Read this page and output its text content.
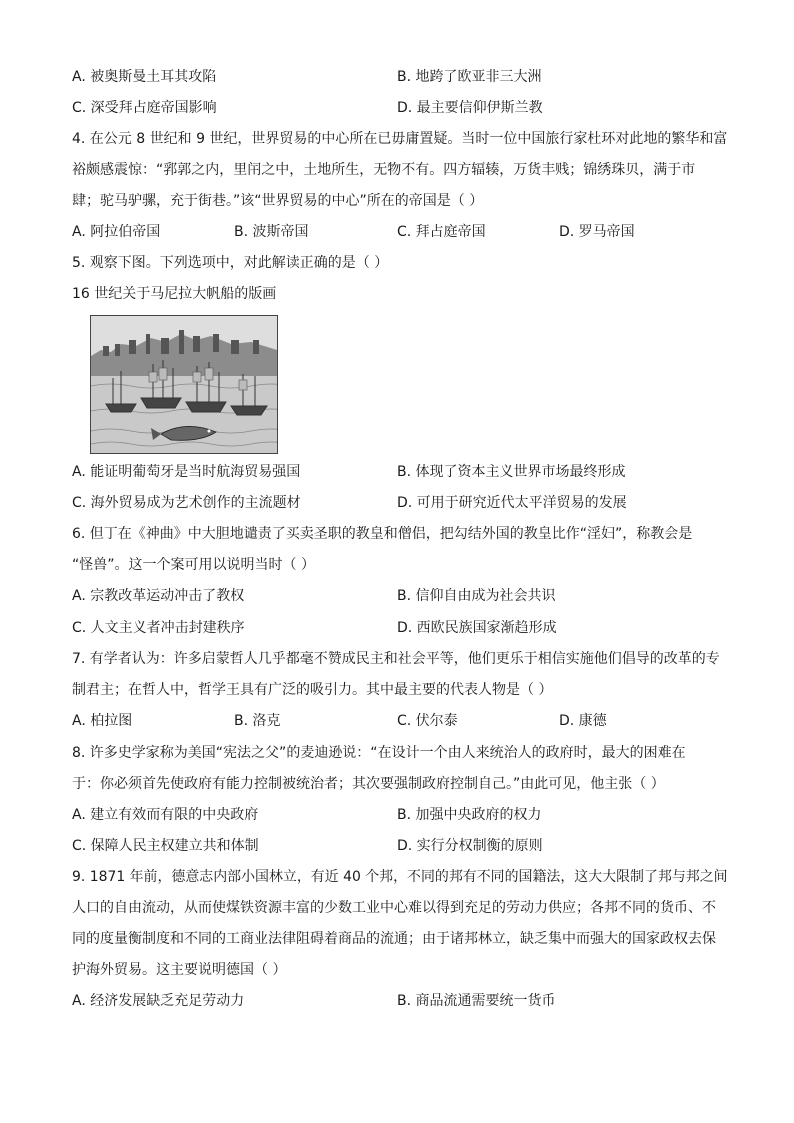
A. 被奥斯曼土耳其攻陷	B. 地跨了欧亚非三大洲
C. 深受拜占庭帝国影响	D. 最主要信仰伊斯兰教
4. 在公元 8 世纪和 9 世纪，世界贸易的中心所在已毋庸置疑。当时一位中国旅行家杜环对此地的繁华和富
裕颇感震惊：“郛郭之内，里闬之中，土地所生，无物不有。四方辐辏，万货丰贱；锦绣珠贝，满于市
肆；驼马驴骡，充于街巷。”该“世界贸易的中心”所在的帝国是（ ）
A. 阿拉伯帝国	B. 波斯帝国	C. 拜占庭帝国	D. 罗马帝国
5. 观察下图。下列选项中，对此解读正确的是（ ）
16 世纪关于马尼拉大帆船的版画
A. 能证明葡萄牙是当时航海贸易强国	B. 体现了资本主义世界市场最终形成
C. 海外贸易成为艺术创作的主流题材	D. 可用于研究近代太平洋贸易的发展
6. 但丁在《神曲》中大胆地谴责了买卖圣职的教皇和僧侣，把勾结外国的教皇比作“淫妇”，称教会是
“怪兽”。这一个案可用以说明当时（ ）
A. 宗教改革运动冲击了教权	B. 信仰自由成为社会共识
C. 人文主义者冲击封建秩序	D. 西欧民族国家渐趋形成
7. 有学者认为：许多启蒙哲人几乎都毫不赞成民主和社会平等，他们更乐于相信实施他们倡导的改革的专
制君主；在哲人中，哲学王具有广泛的吸引力。其中最主要的代表人物是（ ）
A. 柏拉图	B. 洛克	C. 伏尔泰	D. 康德
8. 许多史学家称为美国“宪法之父”的麦迪逊说：“在设计一个由人来统治人的政府时，最大的困难在
于：你必须首先使政府有能力控制被统治者；其次要强制政府控制自己。”由此可见，他主张（ ）
A. 建立有效而有限的中央政府	B. 加强中央政府的权力
C. 保障人民主权建立共和体制	D. 实行分权制衡的原则
9. 1871 年前，德意志内部小国林立，有近 40 个邦，不同的邦有不同的国籍法，这大大限制了邦与邦之间
人口的自由流动，从而使煤铁资源丰富的少数工业中心难以得到充足的劳动力供应；各邦不同的货币、不
同的度量衡制度和不同的工商业法律阻碍着商品的流通；由于诸邦林立，缺乏集中而强大的国家政权去保
护海外贸易。这主要说明德国（ ）
A. 经济发展缺乏充足劳动力	B. 商品流通需要统一货币
